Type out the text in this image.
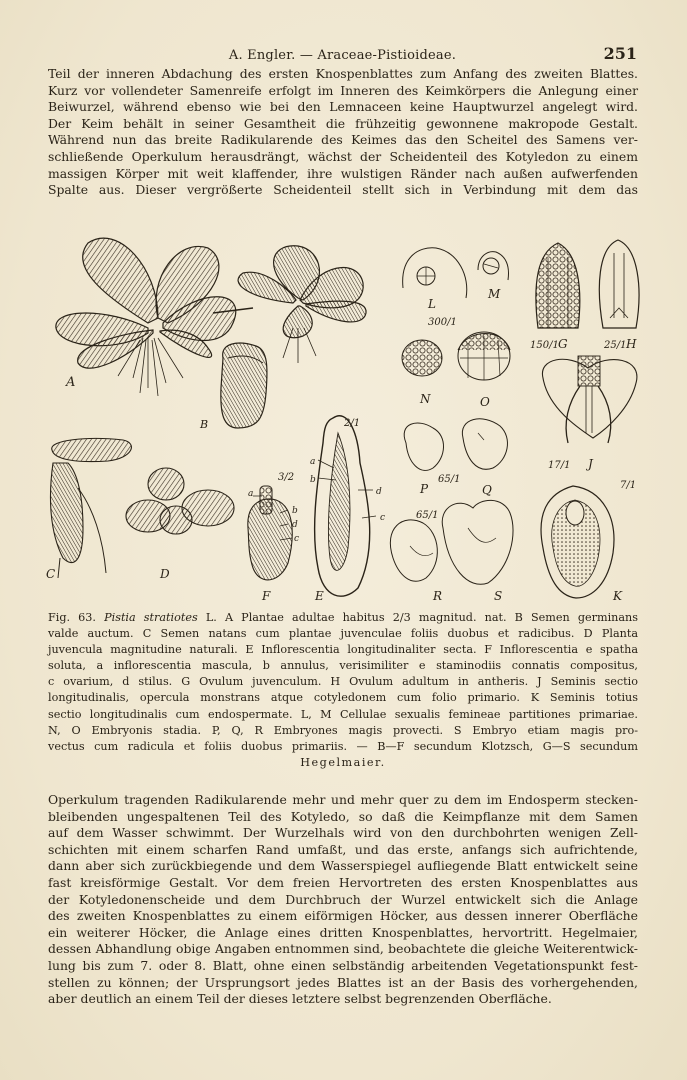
A. Engler. — Araceae-Pistioideae.	251
Teil der inneren Abdachung des ersten Knospenblattes zum Anfang des zweiten Blattes.
Kurz vor vollendeter Samenreife erfolgt im Inneren des Keimkörpers die Anlegung einer
Beiwurzel, während ebenso wie bei den Lemnaceen keine Hauptwurzel angelegt wird.
Der Keim behält in seiner Gesamtheit die frühzeitig gewonnene makropode Gestalt.
Während nun das breite Radikularende des Keimes das den Scheitel des Samens ver-
schließende Operkulum herausdrängt, wächst der Scheidenteil des Kotyledon zu einem
massigen Körper mit weit klaffender, ihre wulstigen Ränder nach außen aufwerfenden
Spalte aus. Dieser vergrößerte Scheidenteil stellt sich in Verbindung mit dem das
A
B
C	D
a
b
d
c
3/2
F
a
b
d
c
2/1
E
L
M
300/1
N	O
P
65/1
Q
65/1
R	S
150/1 G	25/1 H
17/1 J
7/1
K
Fig. 63. Pistia stratiotes L. A Plantae adultae habitus 2/3 magnitud. nat. B Semen germinans
valde auctum. C Semen natans cum plantae juvenculae foliis duobus et radicibus. D Planta
juvencula magnitudine naturali. E Inflorescentia longitudinaliter secta. F Inflorescentia e spatha
soluta, a inflorescentia mascula, b annulus, verisimiliter e staminodiis connatis compositus,
c ovarium, d stilus. G Ovulum juvenculum. H Ovulum adultum in antheris. J Seminis sectio
longitudinalis, opercula monstrans atque cotyledonem cum folio primario. K Seminis totius
sectio longitudinalis cum endospermate. L, M Cellulae sexualis femineae partitiones primariae.
N, O Embryonis stadia. P, Q, R Embryones magis provecti. S Embryo etiam magis pro-
vectus cum radicula et foliis duobus primariis. — B—F secundum Klotzsch, G—S secundum
Hegelmaier.
Operkulum tragenden Radikularende mehr und mehr quer zu dem im Endosperm stecken-
bleibenden ungespaltenen Teil des Kotyledo, so daß die Keimpflanze mit dem Samen
auf dem Wasser schwimmt. Der Wurzelhals wird von den durchbohrten wenigen Zell-
schichten mit einem scharfen Rand umfaßt, und das erste, anfangs sich aufrichtende,
dann aber sich zurückbiegende und dem Wasserspiegel aufliegende Blatt entwickelt seine
fast kreisförmige Gestalt. Vor dem freien Hervortreten des ersten Knospenblattes aus
der Kotyledonenscheide und dem Durchbruch der Wurzel entwickelt sich die Anlage
des zweiten Knospenblattes zu einem eiförmigen Höcker, aus dessen innerer Oberfläche
ein weiterer Höcker, die Anlage eines dritten Knospenblattes, hervortritt. Hegelmaier,
dessen Abhandlung obige Angaben entnommen sind, beobachtete die gleiche Weiterentwick-
lung bis zum 7. oder 8. Blatt, ohne einen selbständig arbeitenden Vegetationspunkt fest-
stellen zu können; der Ursprungsort jedes Blattes ist an der Basis des vorhergehenden,
aber deutlich an einem Teil der dieses letztere selbst begrenzenden Oberfläche.
